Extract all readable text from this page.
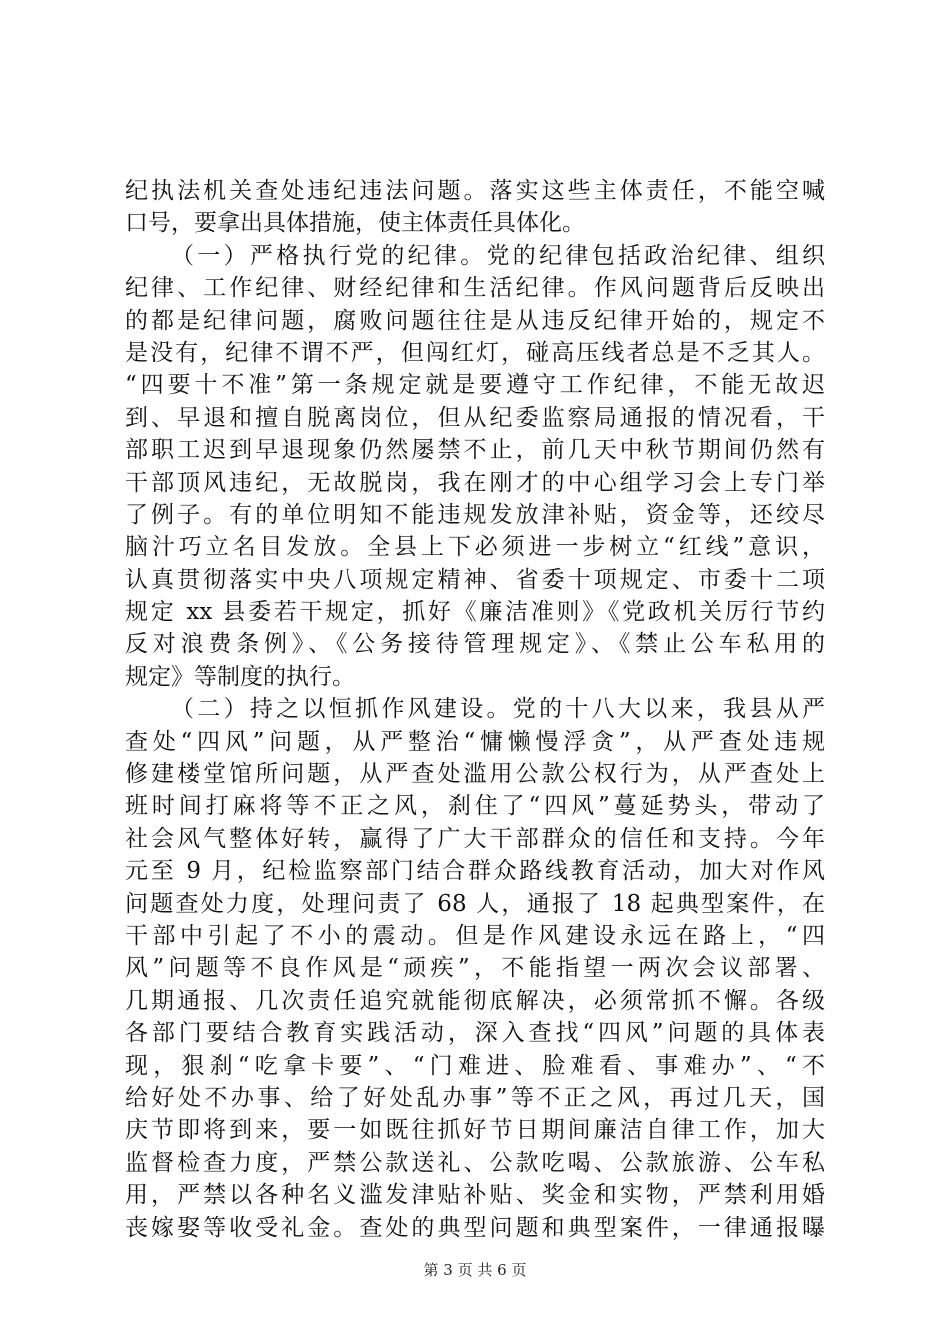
纪执法机关查处违纪违法问题。落实这些主体责任，不能空喊
口号，要拿出具体措施，使主体责任具体化。
（一）严格执行党的纪律。党的纪律包括政治纪律、组织
纪律、工作纪律、财经纪律和生活纪律。作风问题背后反映出
的都是纪律问题，腐败问题往往是从违反纪律开始的，规定不
是没有，纪律不谓不严，但闯红灯，碰高压线者总是不乏其人。
“四要十不准”第一条规定就是要遵守工作纪律，不能无故迟
到、早退和擅自脱离岗位，但从纪委监察局通报的情况看，干
部职工迟到早退现象仍然屡禁不止，前几天中秋节期间仍然有
干部顶风违纪，无故脱岗，我在刚才的中心组学习会上专门举
了例子。有的单位明知不能违规发放津补贴，资金等，还绞尽
脑汁巧立名目发放。全县上下必须进一步树立“红线”意识，
认真贯彻落实中央八项规定精神、省委十项规定、市委十二项
规定 xx 县委若干规定，抓好《廉洁准则》《党政机关厉行节约
反对浪费条例》、《公务接待管理规定》、《禁止公车私用的
规定》等制度的执行。
（二）持之以恒抓作风建设。党的十八大以来，我县从严
查处“四风”问题，从严整治“慵懒慢浮贪”，从严查处违规
修建楼堂馆所问题，从严查处滥用公款公权行为，从严查处上
班时间打麻将等不正之风，刹住了“四风”蔓延势头，带动了
社会风气整体好转，赢得了广大干部群众的信任和支持。今年
元至 9 月，纪检监察部门结合群众路线教育活动，加大对作风
问题查处力度，处理问责了 68 人，通报了 18 起典型案件，在
干部中引起了不小的震动。但是作风建设永远在路上，“四
风”问题等不良作风是“顽疾”，不能指望一两次会议部署、
几期通报、几次责任追究就能彻底解决，必须常抓不懈。各级
各部门要结合教育实践活动，深入查找“四风”问题的具体表
现，狠刹“吃拿卡要”、“门难进、脸难看、事难办”、“不
给好处不办事、给了好处乱办事”等不正之风，再过几天，国
庆节即将到来，要一如既往抓好节日期间廉洁自律工作，加大
监督检查力度，严禁公款送礼、公款吃喝、公款旅游、公车私
用，严禁以各种名义滥发津贴补贴、奖金和实物，严禁利用婚
丧嫁娶等收受礼金。查处的典型问题和典型案件，一律通报曝
第 3 页 共 6 页
